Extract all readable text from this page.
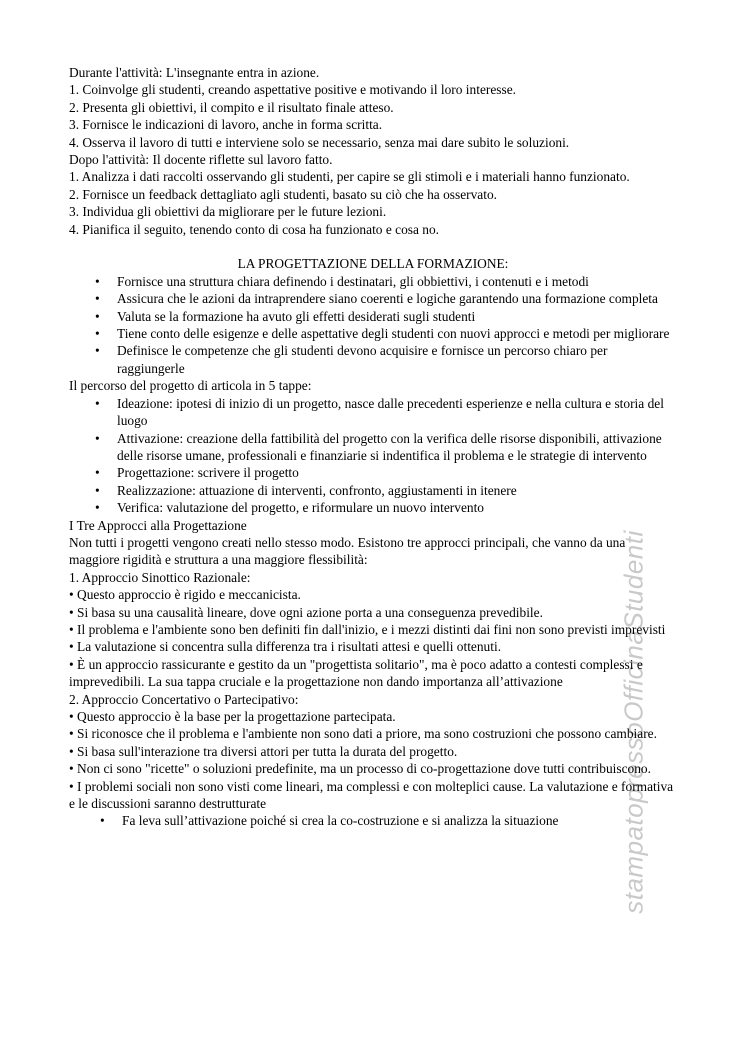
stampatopressoOfficinaStudenti

Durante l'attività: L'insegnante entra in azione.

1. Coinvolge gli studenti, creando aspettative positive e motivando il loro interesse.

2. Presenta gli obiettivi, il compito e il risultato finale atteso.

3. Fornisce le indicazioni di lavoro, anche in forma scritta.

4. Osserva il lavoro di tutti e interviene solo se necessario, senza mai dare subito le soluzioni.

Dopo l'attività: Il docente riflette sul lavoro fatto.

1. Analizza i dati raccolti osservando gli studenti, per capire se gli stimoli e i materiali hanno funzionato.

2. Fornisce un feedback dettagliato agli studenti, basato su ciò che ha osservato.

3. Individua gli obiettivi da migliorare per le future lezioni.

4. Pianifica il seguito, tenendo conto di cosa ha funzionato e cosa no.

LA PROGETTAZIONE DELLA FORMAZIONE:

• Fornisce una struttura chiara definendo i destinatari, gli obbiettivi, i contenuti e i metodi
• Assicura che le azioni da intraprendere siano coerenti e logiche garantendo una formazione completa
• Valuta se la formazione ha avuto gli effetti desiderati sugli studenti
• Tiene conto delle esigenze e delle aspettative degli studenti con nuovi approcci e metodi per migliorare
• Definisce le competenze che gli studenti devono acquisire e fornisce un percorso chiaro per raggiungerle

Il percorso del progetto di articola in 5 tappe:

• Ideazione: ipotesi di inizio di un progetto, nasce dalle precedenti esperienze e nella cultura e storia del luogo
• Attivazione: creazione della fattibilità del progetto con la verifica delle risorse disponibili, attivazione delle risorse umane, professionali e finanziarie si indentifica il problema e le strategie di intervento
• Progettazione: scrivere il progetto
• Realizzazione: attuazione di interventi, confronto, aggiustamenti in itenere
• Verifica: valutazione del progetto, e riformulare un nuovo intervento

I Tre Approcci alla Progettazione

Non tutti i progetti vengono creati nello stesso modo. Esistono tre approcci principali, che vanno da una maggiore rigidità e struttura a una maggiore flessibilità:

1. Approccio Sinottico Razionale:

• Questo approccio è rigido e meccanicista.

• Si basa su una causalità lineare, dove ogni azione porta a una conseguenza prevedibile.

• Il problema e l'ambiente sono ben definiti fin dall'inizio, e i mezzi distinti dai fini non sono previsti imprevisti

• La valutazione si concentra sulla differenza tra i risultati attesi e quelli ottenuti.

• È un approccio rassicurante e gestito da un "progettista solitario", ma è poco adatto a contesti complessi e imprevedibili. La sua tappa cruciale e la progettazione non dando importanza all’attivazione

2. Approccio Concertativo o Partecipativo:

• Questo approccio è la base per la progettazione partecipata.

• Si riconosce che il problema e l'ambiente non sono dati a priore, ma sono costruzioni che possono cambiare.

• Si basa sull'interazione tra diversi attori per tutta la durata del progetto.

• Non ci sono "ricette" o soluzioni predefinite, ma un processo di co-progettazione dove tutti contribuiscono.

• I problemi sociali non sono visti come lineari, ma complessi e con molteplici cause. La valutazione e formativa e le discussioni saranno destrutturate

• Fa leva sull’attivazione poiché si crea la co-costruzione e si analizza la situazione
